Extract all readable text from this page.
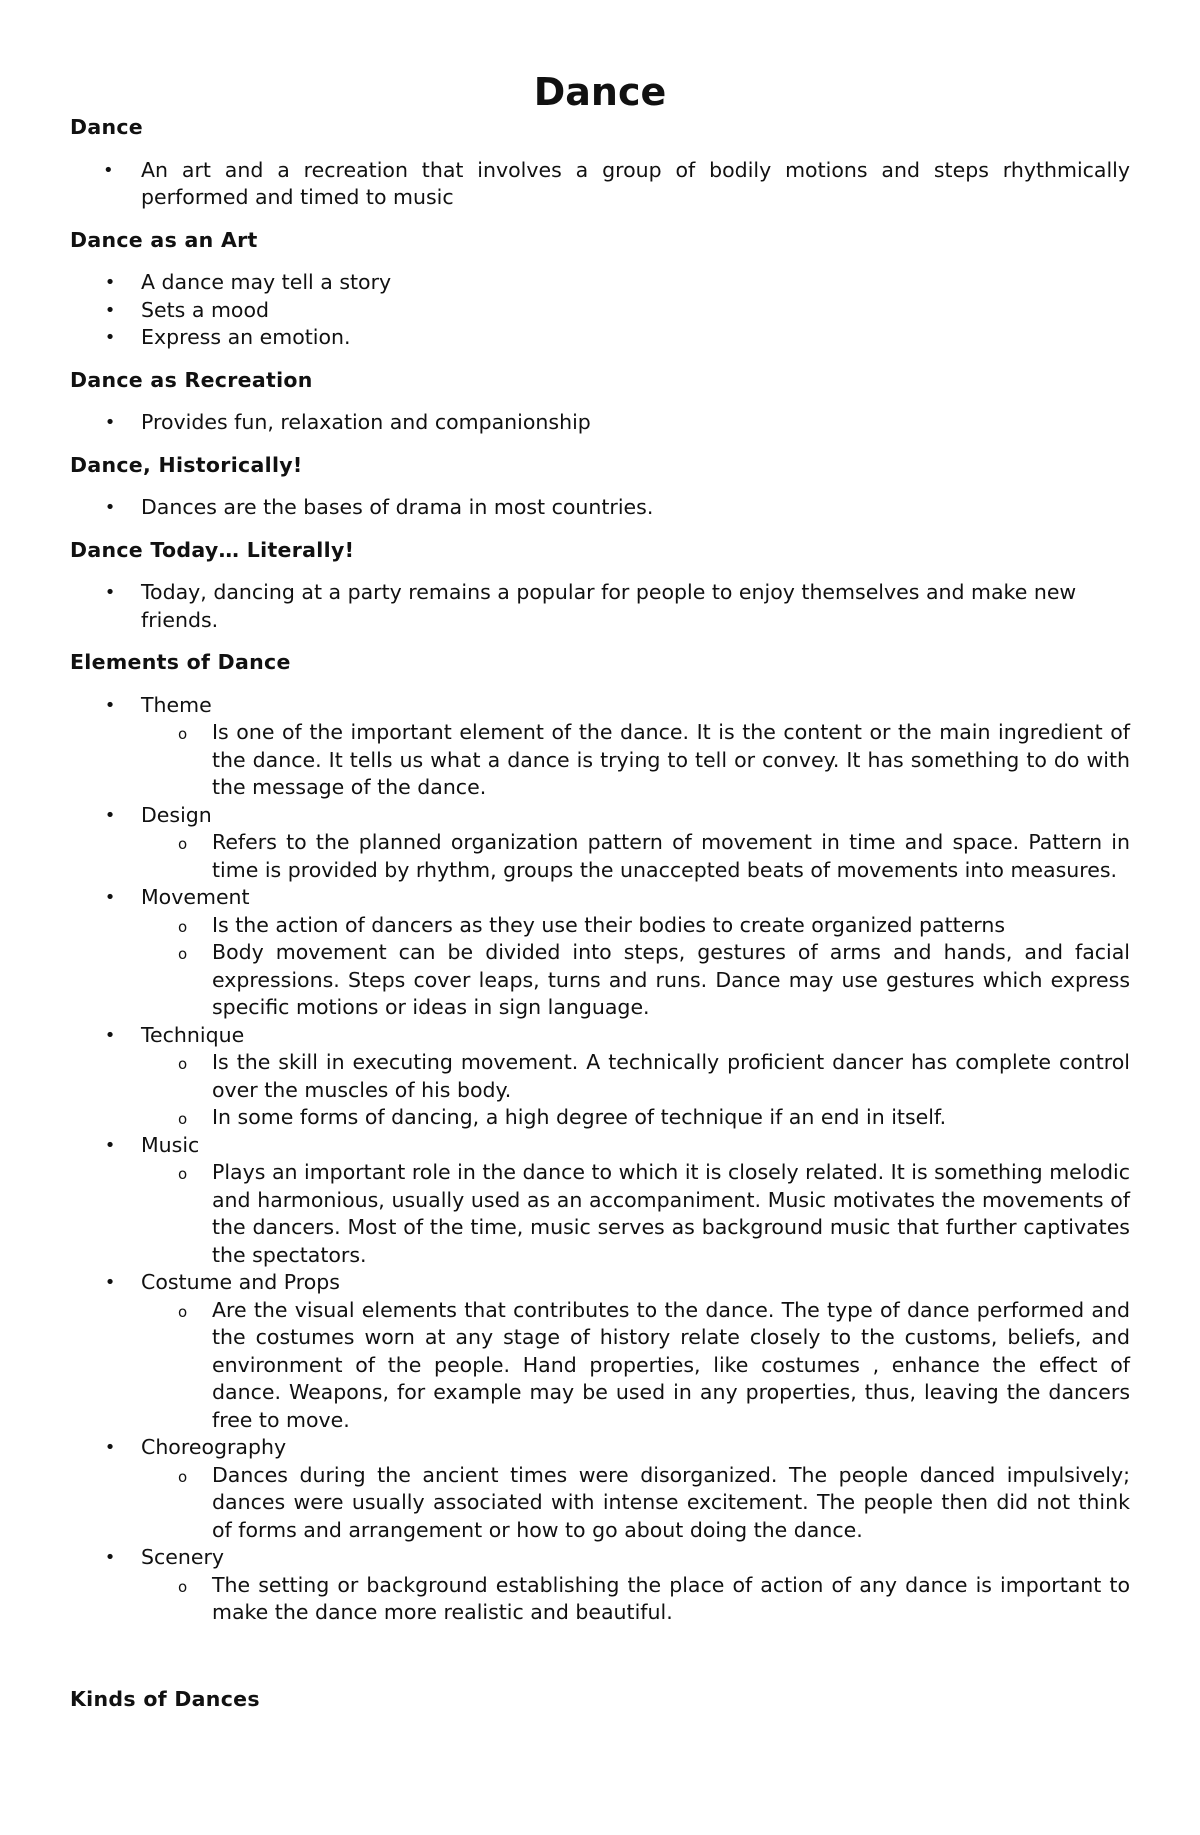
Dance
Dance
• An art and a recreation that involves a group of bodily motions and steps rhythmically performed and timed to music
Dance as an Art
• A dance may tell a story
• Sets a mood
• Express an emotion.
Dance as Recreation
• Provides fun, relaxation and companionship
Dance, Historically!
• Dances are the bases of drama in most countries.
Dance Today… Literally!
• Today, dancing at a party remains a popular for people to enjoy themselves and make new friends.
Elements of Dance
• Theme
o Is one of the important element of the dance. It is the content or the main ingredient of the dance. It tells us what a dance is trying to tell or convey. It has something to do with the message of the dance.
• Design
o Refers to the planned organization pattern of movement in time and space. Pattern in time is provided by rhythm, groups the unaccepted beats of movements into measures.
• Movement
o Is the action of dancers as they use their bodies to create organized patterns
o Body movement can be divided into steps, gestures of arms and hands, and facial expressions. Steps cover leaps, turns and runs. Dance may use gestures which express specific motions or ideas in sign language.
• Technique
o Is the skill in executing movement. A technically proficient dancer has complete control over the muscles of his body.
o In some forms of dancing, a high degree of technique if an end in itself.
• Music
o Plays an important role in the dance to which it is closely related. It is something melodic and harmonious, usually used as an accompaniment. Music motivates the movements of the dancers. Most of the time, music serves as background music that further captivates the spectators.
• Costume and Props
o Are the visual elements that contributes to the dance. The type of dance performed and the costumes worn at any stage of history relate closely to the customs, beliefs, and environment of the people. Hand properties, like costumes , enhance the effect of dance. Weapons, for example may be used in any properties, thus, leaving the dancers free to move.
• Choreography
o Dances during the ancient times were disorganized. The people danced impulsively; dances were usually associated with intense excitement. The people then did not think of forms and arrangement or how to go about doing the dance.
• Scenery
o The setting or background establishing the place of action of any dance is important to make the dance more realistic and beautiful.
Kinds of Dances
